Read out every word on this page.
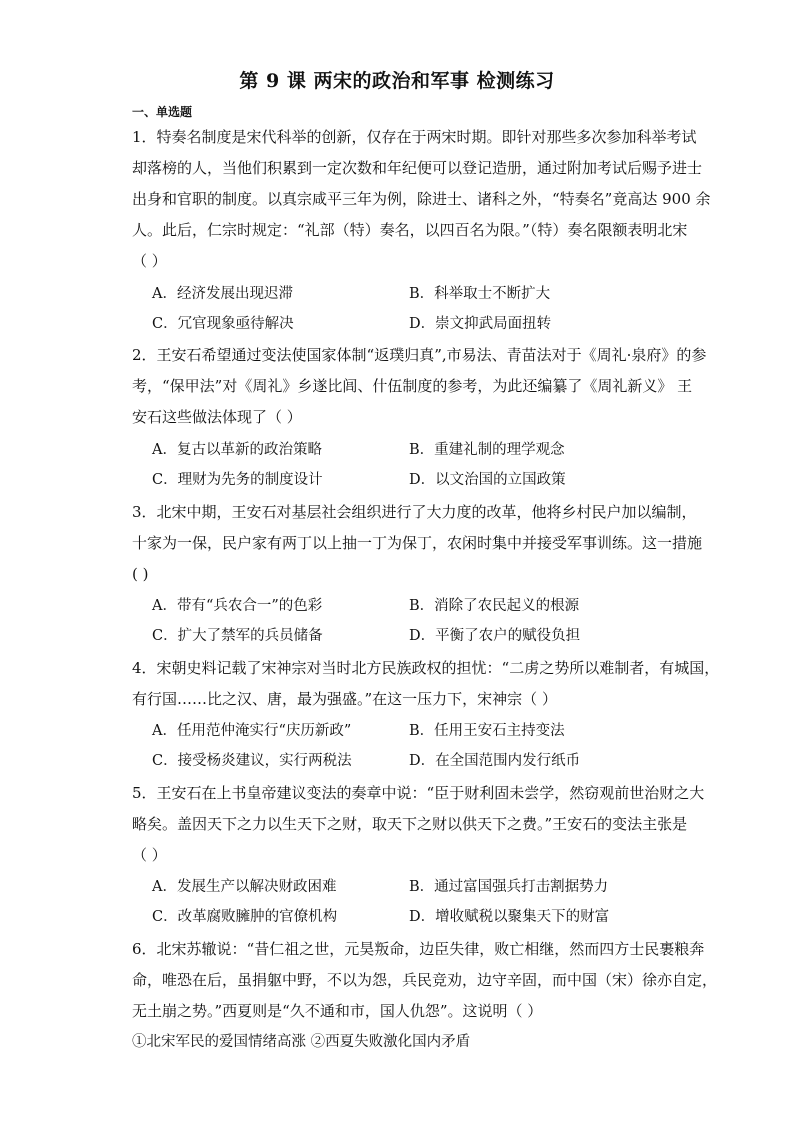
第 9 课 两宋的政治和军事 检测练习
一、单选题
1．特奏名制度是宋代科举的创新，仅存在于两宋时期。即针对那些多次参加科举考试
却落榜的人，当他们积累到一定次数和年纪便可以登记造册，通过附加考试后赐予进士
出身和官职的制度。以真宗咸平三年为例，除进士、诸科之外，“特奏名”竟高达 900 余
人。此后，仁宗时规定：“礼部（特）奏名，以四百名为限。”（特）奏名限额表明北宋
（ ）
A．经济发展出现迟滞	B．科举取士不断扩大
C．冗官现象亟待解决	D．崇文抑武局面扭转
2．王安石希望通过变法使国家体制“返璞归真”,市易法、青苗法对于《周礼·泉府》的参
考，“保甲法”对《周礼》乡遂比闾、什伍制度的参考，为此还编纂了《周礼新义》 王
安石这些做法体现了（ ）
A．复古以革新的政治策略	B．重建礼制的理学观念
C．理财为先务的制度设计	D．以文治国的立国政策
3．北宋中期，王安石对基层社会组织进行了大力度的改革，他将乡村民户加以编制，
十家为一保，民户家有两丁以上抽一丁为保丁，农闲时集中并接受军事训练。这一措施
( )
A．带有“兵农合一”的色彩	B．消除了农民起义的根源
C．扩大了禁军的兵员储备	D．平衡了农户的赋役负担
4．宋朝史料记载了宋神宗对当时北方民族政权的担忧：“二虏之势所以难制者，有城国，
有行国……比之汉、唐，最为强盛。”在这一压力下，宋神宗（ ）
A．任用范仲淹实行“庆历新政”	B．任用王安石主持变法
C．接受杨炎建议，实行两税法	D．在全国范围内发行纸币
5．王安石在上书皇帝建议变法的奏章中说：“臣于财利固未尝学，然窃观前世治财之大
略矣。盖因天下之力以生天下之财，取天下之财以供天下之费。”王安石的变法主张是
（ ）
A．发展生产以解决财政困难	B．通过富国强兵打击割据势力
C．改革腐败臃肿的官僚机构	D．增收赋税以聚集天下的财富
6．北宋苏辙说：“昔仁祖之世，元昊叛命，边臣失律，败亡相继，然而四方士民裹粮奔
命，唯恐在后，虽捐躯中野，不以为怨，兵民竞劝，边守辛固，而中国（宋）徐亦自定，
无土崩之势。”西夏则是“久不通和市，国人仇怨”。这说明（ ）
①北宋军民的爱国情绪高涨 ②西夏失败激化国内矛盾
